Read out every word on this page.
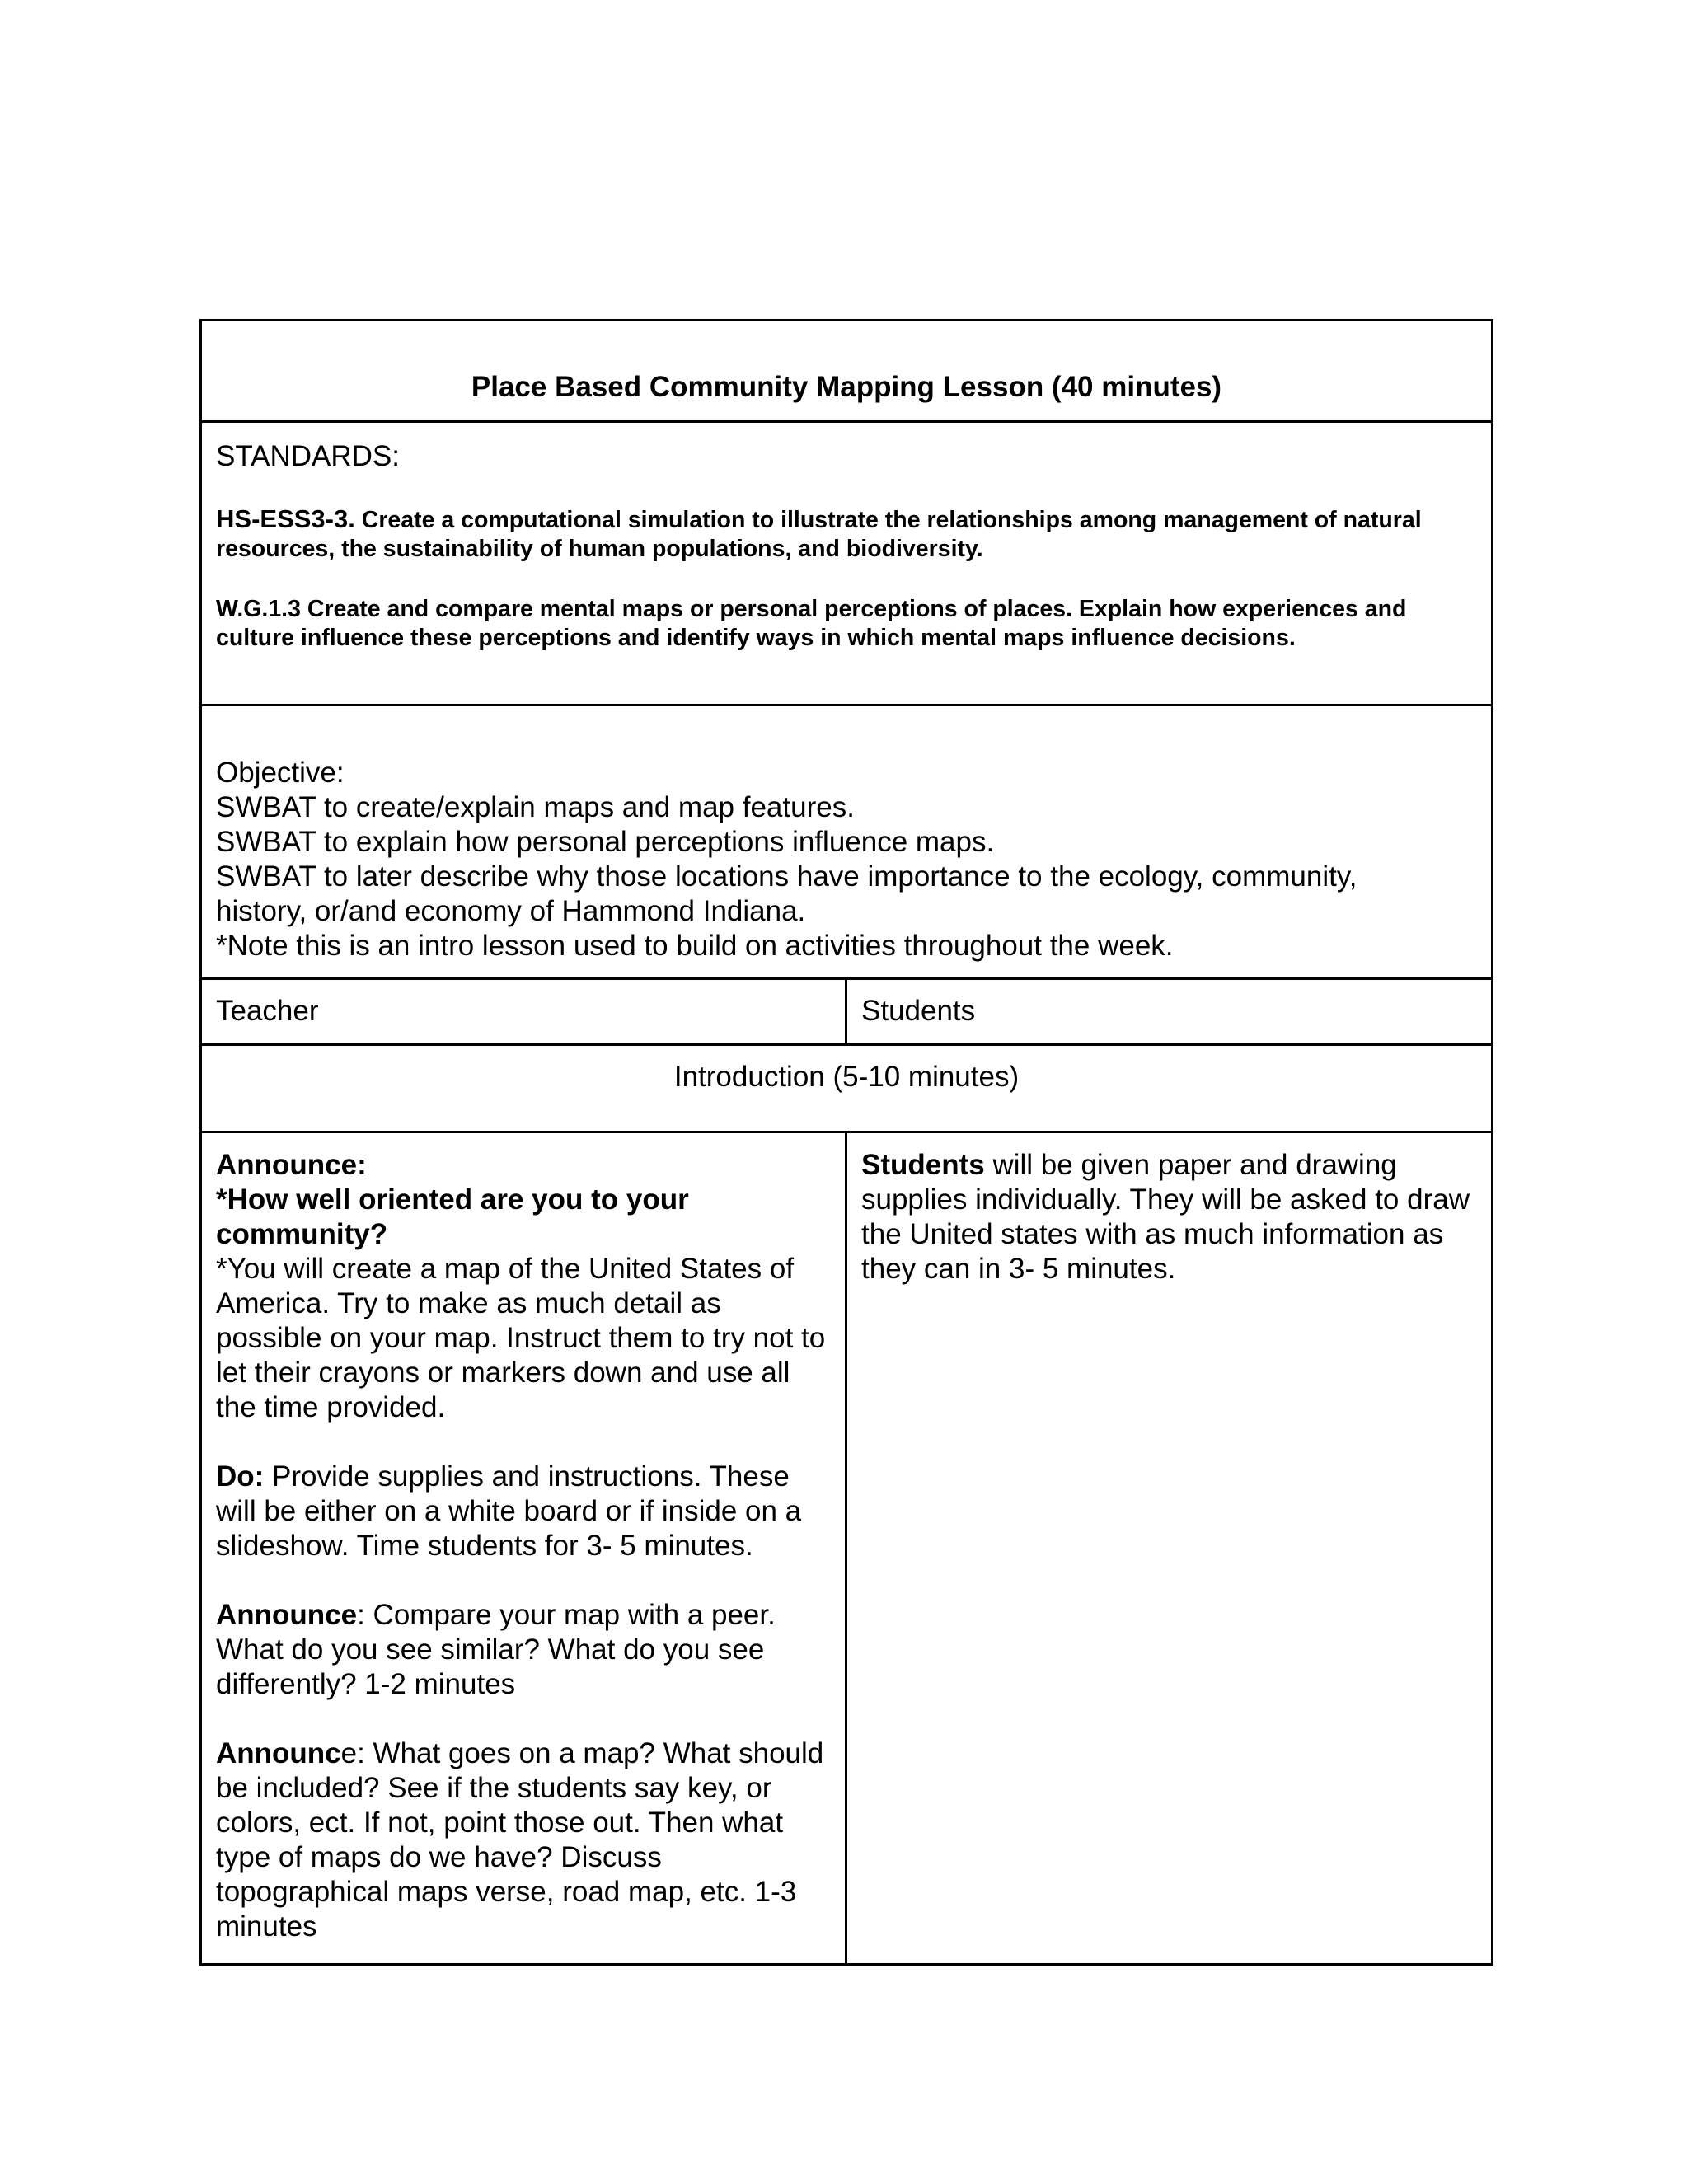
Place Based Community Mapping Lesson (40 minutes)
STANDARDS:
HS-ESS3-3. Create a computational simulation to illustrate the relationships among management of natural resources, the sustainability of human populations, and biodiversity.
W.G.1.3 Create and compare mental maps or personal perceptions of places. Explain how experiences and culture influence these perceptions and identify ways in which mental maps influence decisions.
Objective:
SWBAT to create/explain maps and map features.
SWBAT to explain how personal perceptions influence maps.
SWBAT to later describe why those locations have importance to the ecology, community,
history, or/and economy of Hammond Indiana.
*Note this is an intro lesson used to build on activities throughout the week.
Teacher	Students
Introduction (5-10 minutes)

Announce:
*How well oriented are you to your community?
*You will create a map of the United States of America. Try to make as much detail as possible on your map. Instruct them to try not to let their crayons or markers down and use all the time provided.

Do: Provide supplies and instructions. These will be either on a white board or if inside on a slideshow. Time students for 3- 5 minutes.

Announce: Compare your map with a peer. What do you see similar? What do you see differently? 1-2 minutes

Announce: What goes on a map? What should be included? See if the students say key, or colors, ect. If not, point those out. Then what type of maps do we have? Discuss topographical maps verse, road map, etc. 1-3 minutes

Students will be given paper and drawing supplies individually. They will be asked to draw the United states with as much information as they can in 3- 5 minutes.
